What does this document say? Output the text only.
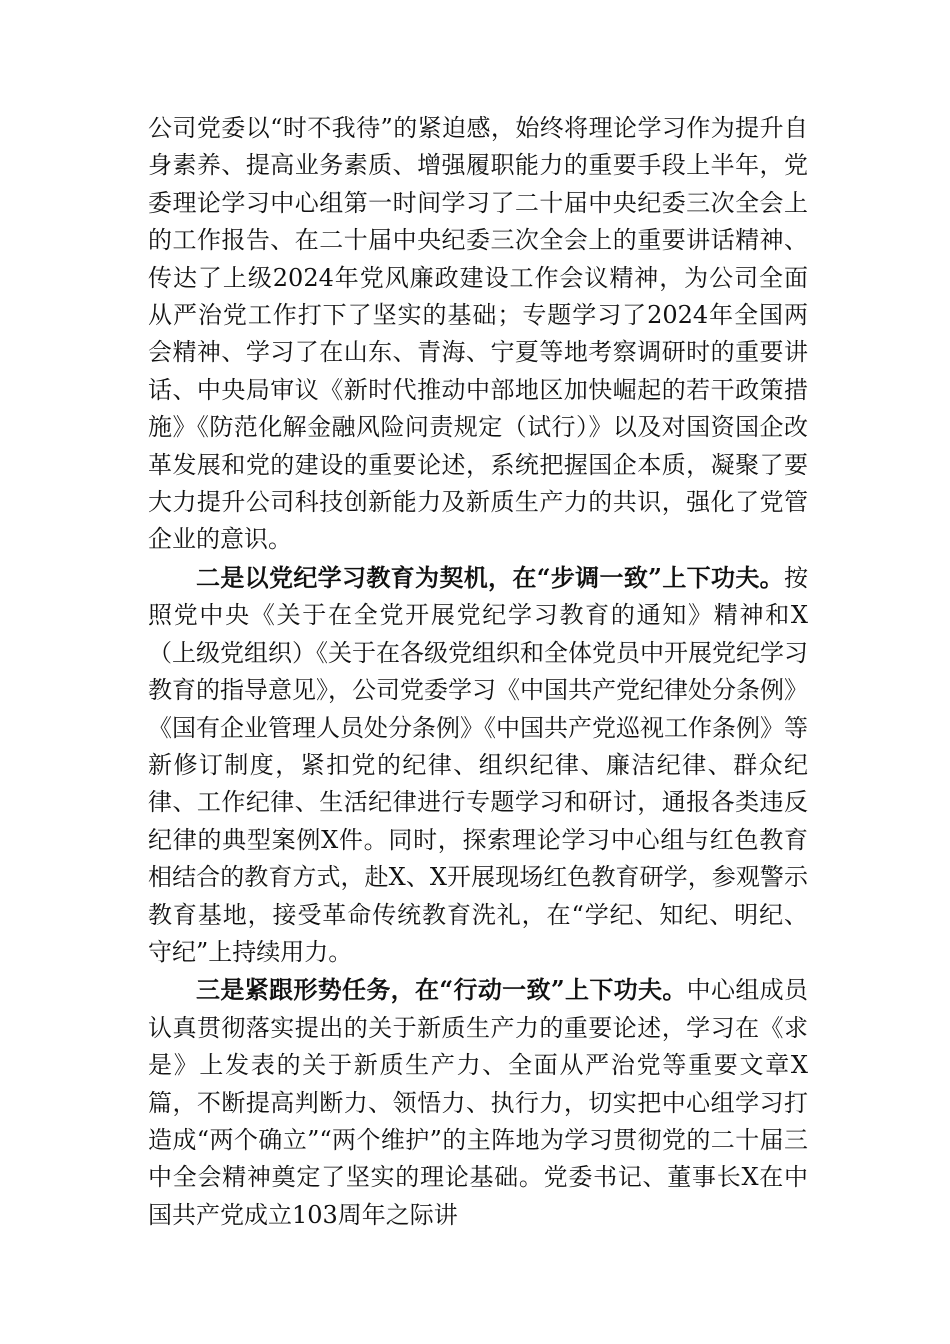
公司党委以“时不我待”的紧迫感，始终将理论学习作为提升自身素养、提高业务素质、增强履职能力的重要手段上半年，党委理论学习中心组第一时间学习了二十届中央纪委三次全会上的工作报告、在二十届中央纪委三次全会上的重要讲话精神、传达了上级2024年党风廉政建设工作会议精神，为公司全面从严治党工作打下了坚实的基础；专题学习了2024年全国两会精神、学习了在山东、青海、宁夏等地考察调研时的重要讲话、中央局审议《新时代推动中部地区加快崛起的若干政策措施》《防范化解金融风险问责规定（试行）》以及对国资国企改革发展和党的建设的重要论述，系统把握国企本质，凝聚了要大力提升公司科技创新能力及新质生产力的共识，强化了党管企业的意识。

二是以党纪学习教育为契机，在“步调一致”上下功夫。按照党中央《关于在全党开展党纪学习教育的通知》精神和X（上级党组织）《关于在各级党组织和全体党员中开展党纪学习教育的指导意见》，公司党委学习《中国共产党纪律处分条例》《国有企业管理人员处分条例》《中国共产党巡视工作条例》等新修订制度，紧扣党的纪律、组织纪律、廉洁纪律、群众纪律、工作纪律、生活纪律进行专题学习和研讨，通报各类违反纪律的典型案例X件。同时，探索理论学习中心组与红色教育相结合的教育方式，赴X、X开展现场红色教育研学，参观警示教育基地，接受革命传统教育洗礼，在“学纪、知纪、明纪、守纪”上持续用力。

三是紧跟形势任务，在“行动一致”上下功夫。中心组成员认真贯彻落实提出的关于新质生产力的重要论述，学习在《求是》上发表的关于新质生产力、全面从严治党等重要文章X篇，不断提高判断力、领悟力、执行力，切实把中心组学习打造成“两个确立”“两个维护”的主阵地为学习贯彻党的二十届三中全会精神奠定了坚实的理论基础。党委书记、董事长X在中国共产党成立103周年之际讲
